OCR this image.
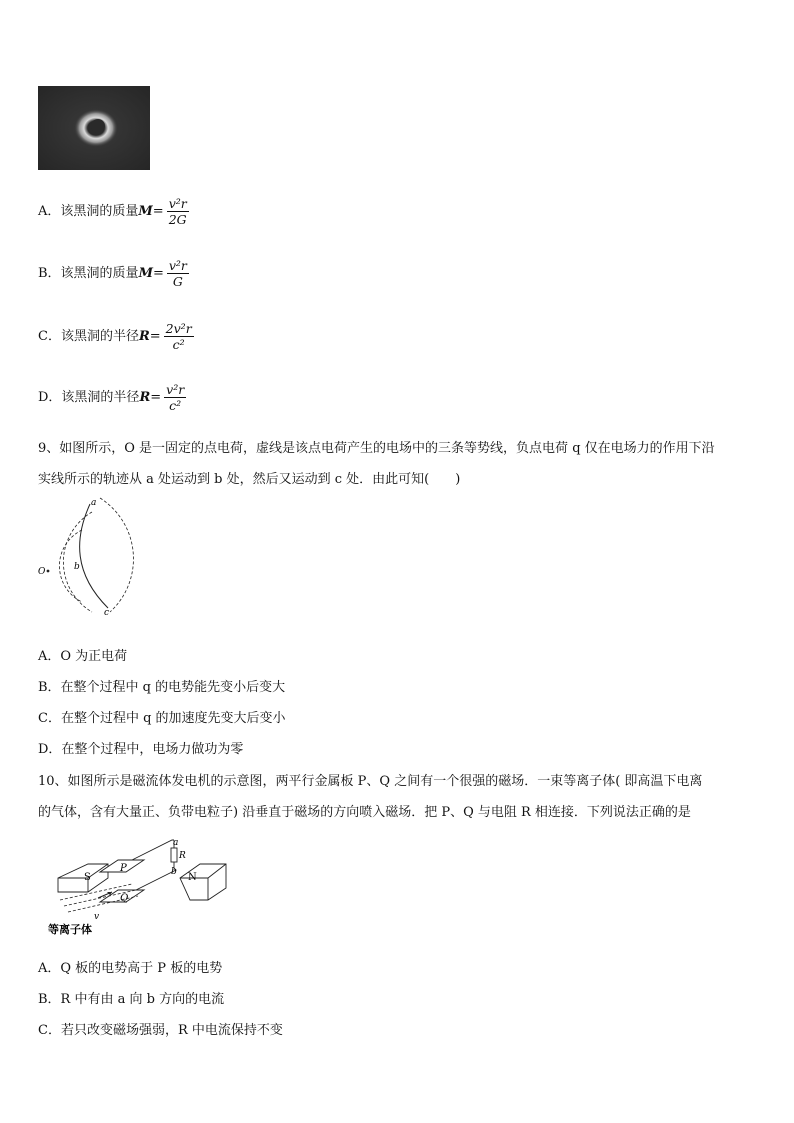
A．该黑洞的质量$M= \frac{\text{v²r}}{2G}$
B．该黑洞的质量$M= \frac{\text{v²r}}{G}$
C．该黑洞的半径$R= \frac{\text{2v²r}}{\text{c²}}$
D．该黑洞的半径$R= \frac{\text{v²r}}{\text{c²}}$
9、如图所示，O 是一固定的点电荷，虚线是该点电荷产生的电场中的三条等势线，负点电荷 q 仅在电场力的作用下沿
实线所示的轨迹从 a 处运动到 b 处，然后又运动到 c 处．由此可知(　　)
O
a
b
c
A．O 为正电荷
B．在整个过程中 q 的电势能先变小后变大
C．在整个过程中 q 的加速度先变大后变小
D．在整个过程中，电场力做功为零
10、如图所示是磁流体发电机的示意图，两平行金属板 P、Q 之间有一个很强的磁场．一束等离子体( 即高温下电离
的气体，含有大量正、负带电粒子) 沿垂直于磁场的方向喷入磁场．把 P、Q 与电阻 R 相连接．下列说法正确的是
S
P
Q
N
R
a
b
v
等离子体
A．Q 板的电势高于 P 板的电势
B．R 中有由 a 向 b 方向的电流
C．若只改变磁场强弱，R 中电流保持不变
